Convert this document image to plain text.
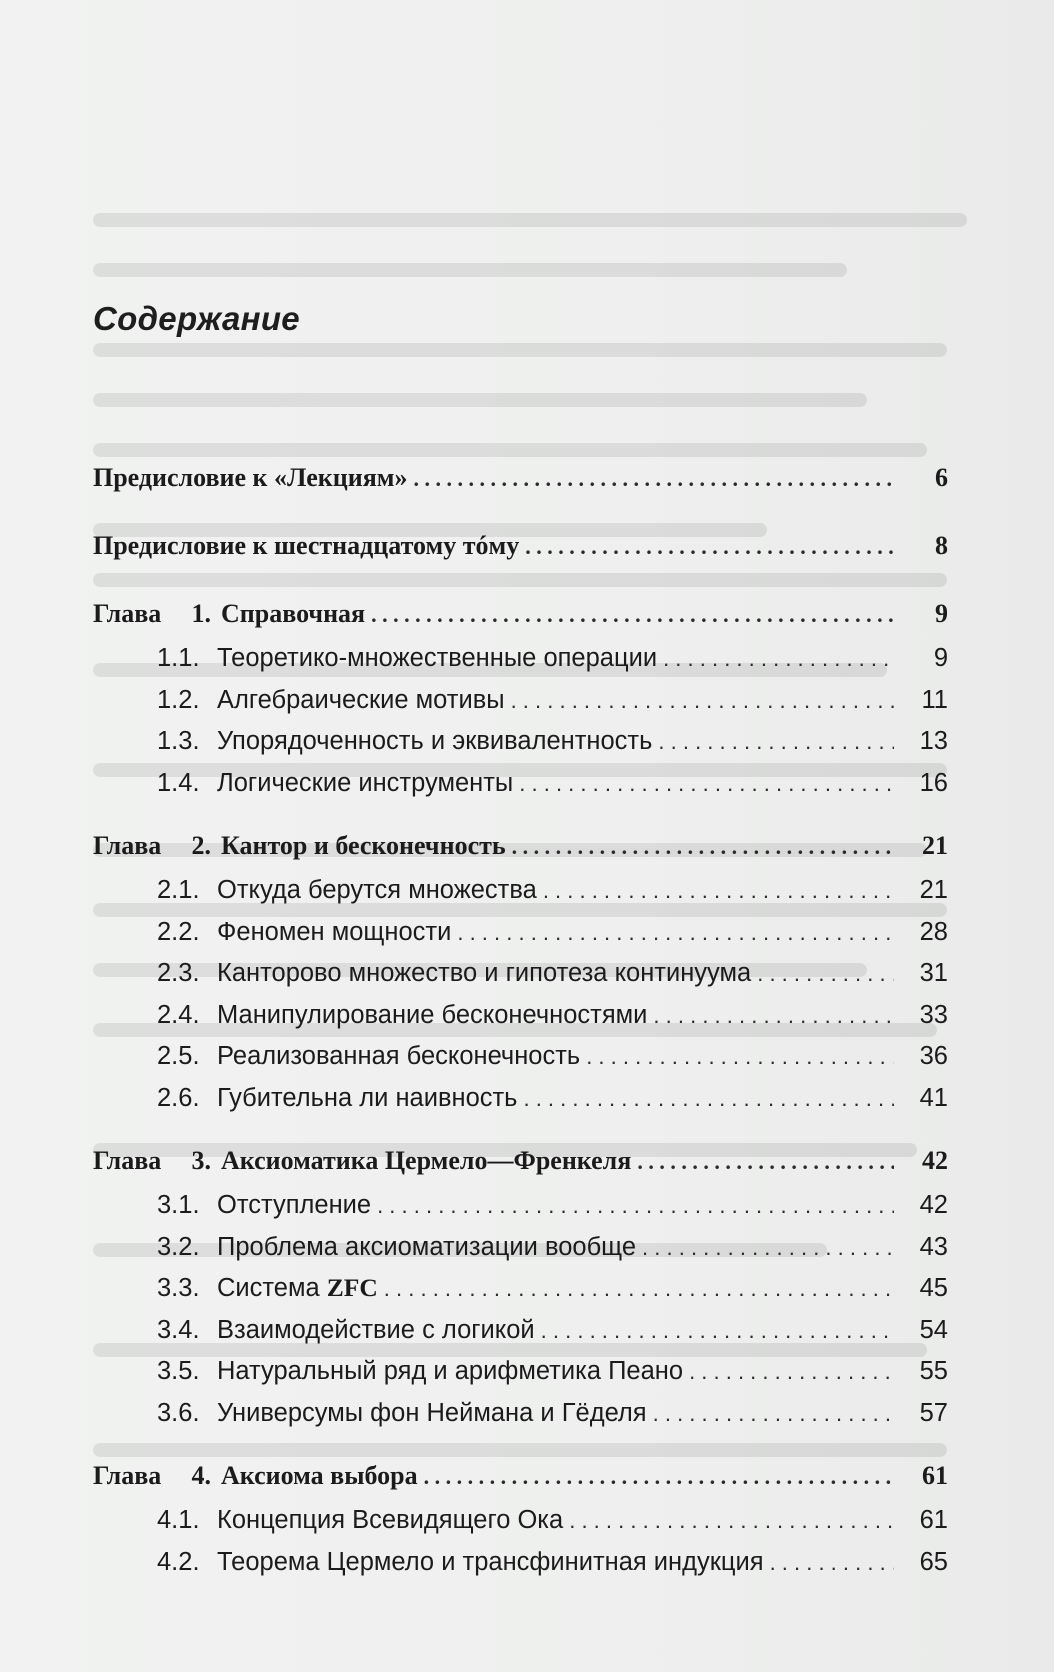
Содержание
Предисловие к «Лекциям» . . .	6
Предисловие к шестнадцатому тóму . . .	8
Глава	1. Справочная . . .	9
1.1. Теоретико-множественные операции . . .	9
1.2. Алгебраические мотивы . . .	11
1.3. Упорядоченность и эквивалентность . . .	13
1.4. Логические инструменты . . .	16
Глава	2. Кантор и бесконечность . . .	21
2.1. Откуда берутся множества . . .	21
2.2. Феномен мощности . . .	28
2.3. Канторово множество и гипотеза континуума . . .	31
2.4. Манипулирование бесконечностями . . .	33
2.5. Реализованная бесконечность . . .	36
2.6. Губительна ли наивность . . .	41
Глава	3. Аксиоматика Цермело—Френкеля . . .	42
3.1. Отступление . . .	42
3.2. Проблема аксиоматизации вообще . . .	43
3.3. Система ZFC . . .	45
3.4. Взаимодействие с логикой . . .	54
3.5. Натуральный ряд и арифметика Пеано . . .	55
3.6. Универсумы фон Неймана и Гёделя . . .	57
Глава	4. Аксиома выбора . . .	61
4.1. Концепция Всевидящего Ока . . .	61
4.2. Теорема Цермело и трансфинитная индукция . . .	65
